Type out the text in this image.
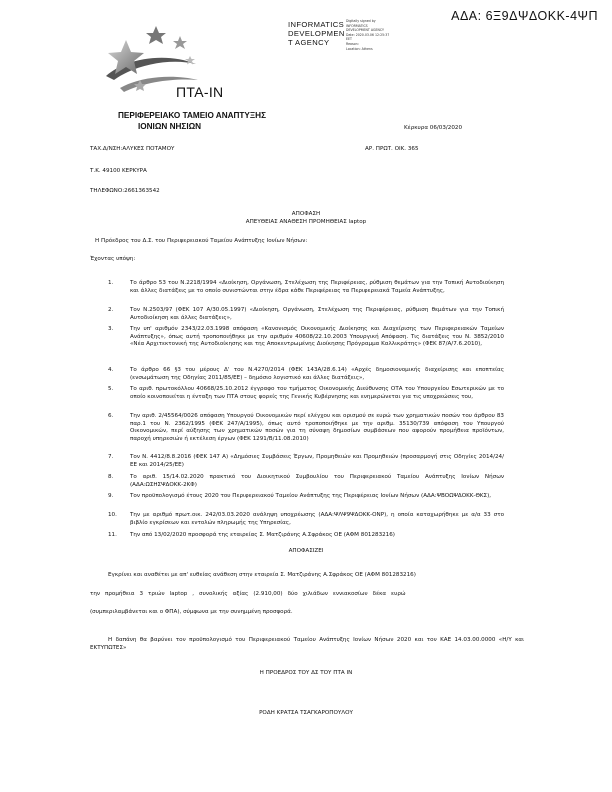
ΑΔΑ: 6Ξ9ΔΨΔΟΚΚ-4ΨΠ
INFORMATICS
DEVELOPMEN
T AGENCY
Digitally signed by
INFORMATICS
DEVELOPMENT AGENCY
Date: 2020.03.06 12:25:37
EET
Reason:
Location: Athens
ΠΤΑ-ΙΝ
ΠΕΡΙΦΕΡΕΙΑΚΟ ΤΑΜΕΙΟ ΑΝΑΠΤΥΞΗΣ
ΙΟΝΙΩΝ ΝΗΣΙΩΝ	Κέρκυρα 06/03/2020
ΤΑΧ.Δ/ΝΣΗ:ΑΛΥΚΕΣ ΠΟΤΑΜΟΥ	ΑΡ. ΠΡΩΤ. ΟΙΚ. 365
Τ.Κ. 49100 ΚΕΡΚΥΡΑ
ΤΗΛΕΦΩΝΟ:2661363542
ΑΠΟΦΑΣΗ
ΑΠΕΥΘΕΙΑΣ ΑΝΑΘΕΣΗ ΠΡΟΜΗΘΕΙΑΣ laptop
Η Πρόεδρος του Δ.Σ. του Περιφερειακού Ταμείου Ανάπτυξης Ιονίων Νήσων:
Έχοντας υπόψη:
1.	Το άρθρο 53 του Ν.2218/1994 «Διοίκηση, Οργάνωση, Στελέχωση της Περιφέρειας, ρύθμιση θεμάτων για την Τοπική Αυτοδιοίκηση και άλλες διατάξεις με το οποίο συνιστώνται στην έδρα κάθε Περιφέρειας τα Περιφερειακά Ταμεία Ανάπτυξης,
2.	Τον Ν.2503/97 (ΦΕΚ 107 Α/30.05.1997) «Διοίκηση, Οργάνωση, Στελέχωση της Περιφέρειας, ρύθμιση θεμάτων για την Τοπική Αυτοδιοίκηση και άλλες διατάξεις»,
3.	Την υπ' αριθμόν 2343/22.03.1998 απόφαση «Κανονισμός Οικονομικής Διοίκησης και Διαχείρισης των Περιφερειακών Ταμείων Ανάπτυξης», όπως αυτή τροποποιήθηκε με την αριθμόν 40608/22.10.2003 Υπουργική Απόφαση. Τις διατάξεις του Ν. 3852/2010 «Νέα Αρχιτεκτονική της Αυτοδιοίκησης και της Αποκεντρωμένης Διοίκησης Πρόγραμμα Καλλικράτης» (ΦΕΚ 87/Α/7.6.2010),
4.	Το άρθρο 66 §3 του μέρους Δ' του Ν.4270/2014 (ΦΕΚ 143Α/28.6.14) «Αρχές δημοσιονομικής διαχείρισης και εποπτείας (ενσωμάτωση της Οδηγίας 2011/85/ΕΕ) – δημόσιο λογιστικό και άλλες διατάξεις»,
5.	Το αριθ. πρωτοκόλλου 40668/25.10.2012 έγγραφο του τμήματος Οικονομικής Διεύθυνσης ΟΤΑ του Υπουργείου Εσωτερικών με το οποίο κοινοποιείται η ένταξη των ΠΤΑ στους φορείς της Γενικής Κυβέρνησης και ενημερώνεται για τις υποχρεώσεις του,
6.	Την αριθ. 2/45564/0026 απόφαση Υπουργού Οικονομικών περί ελέγχου και ορισμού σε ευρώ των χρηματικών ποσών του άρθρου 83 παρ.1 του Ν. 2362/1995 (ΦΕΚ 247/Α/1995), όπως αυτό τροποποιήθηκε με την αριθμ. 35130/739 απόφαση του Υπουργού Οικονομικών, περί αύξησης των χρηματικών ποσών για τη σύναψη δημοσίων συμβάσεων που αφορούν προμήθεια προϊόντων, παροχή υπηρεσιών ή εκτέλεση έργων (ΦΕΚ 1291/Β/11.08.2010)
7.	Τον Ν. 4412/8.8.2016 (ΦΕΚ 147 Α) «Δημόσιες Συμβάσεις Έργων, Προμηθειών και Προμηθειών (προσαρμογή στις Οδηγίες 2014/24/ΕΕ και 2014/25/ΕΕ)
8.	Το αριθ. 15/14.02.2020 πρακτικό του Διοικητικού Συμβουλίου του Περιφερειακού Ταμείου Ανάπτυξης Ιονίων Νήσων (ΑΔΑ:ΩΣΗΣΨΔΟΚΚ-2ΚΦ)
9.	Τον προϋπολογισμό έτους 2020 του Περιφερειακού Ταμείου Ανάπτυξης της Περιφέρειας Ιονίων Νήσων (ΑΔΑ:ΨΒΟΩΨΔΟΚΚ-ΘΚΣ),
10. Την με αριθμό πρωτ.οικ. 242/03.03.2020 ανάληψη υποχρέωσης (ΑΔΑ:ΨΛΨ9ΨΔΟΚΚ-ΟΝΡ), η οποία καταχωρήθηκε με α/α 33 στο βιβλίο εγκρίσεων και εντολών πληρωμής της Υπηρεσίας,
11. Την από 13/02/2020 προσφορά της εταιρείας Σ. Ματζιράνης Α.Σφράκος ΟΕ (ΑΦΜ 801283216)
ΑΠΟΦΑΣΙΖΕΙ
Εγκρίνει και αναθέτει με απ' ευθείας ανάθεση στην εταιρεία Σ. Ματζιράνης Α.Σφράκος ΟΕ (ΑΦΜ 801283216)
την προμήθεια 3 τριών laptop , συνολικής αξίας (2.910,00) δύο χιλιάδων εννιακοσίων δέκα ευρώ
(συμπεριλαμβάνεται και ο ΦΠΑ), σύμφωνα με την συνημμένη προσφορά.
Η δαπάνη θα βαρύνει τον προϋπολογισμό του Περιφερειακού Ταμείου Ανάπτυξης Ιονίων Νήσων 2020 και τον ΚΑΕ 14.03.00.0000 «Η/Υ και ΕΚΤΥΠΩΤΕΣ»
Η ΠΡΟΕΔΡΟΣ ΤΟΥ ΔΣ ΤΟΥ ΠΤΑ ΙΝ
ΡΟΔΗ ΚΡΑΤΣΑ ΤΣΑΓΚΑΡΟΠΟΥΛΟΥ
